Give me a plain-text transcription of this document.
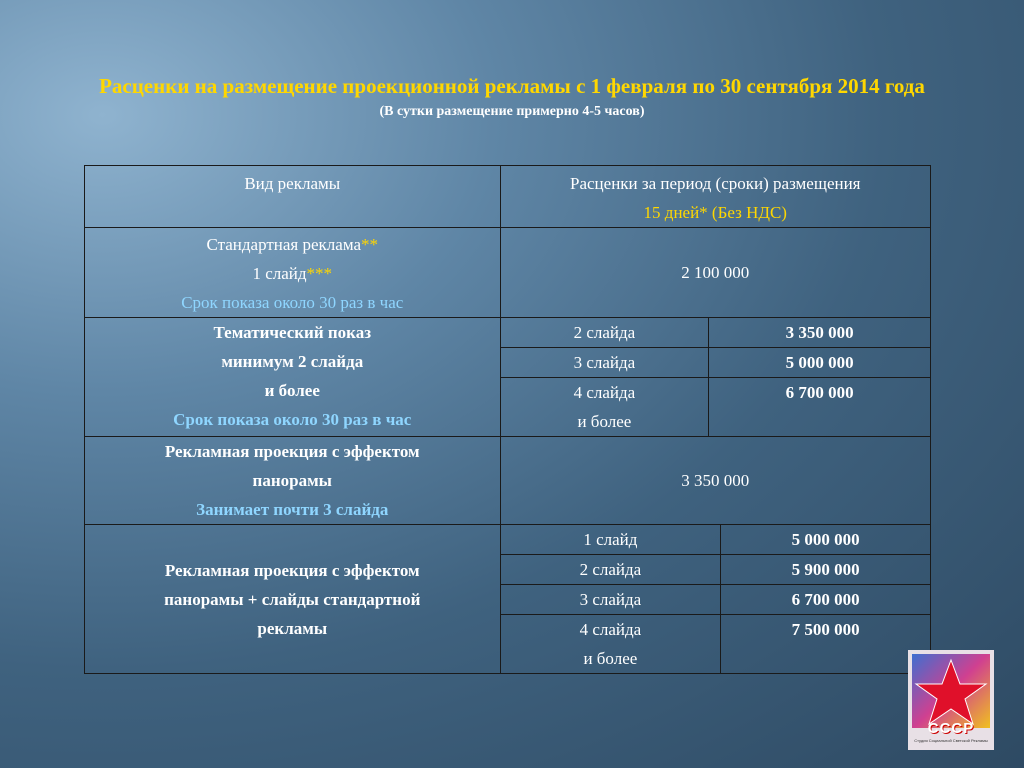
Расценки на размещение проекционной рекламы с 1 февраля по 30 сентября 2014 года
(В сутки размещение примерно 4-5 часов)
Вид рекламы	Расценки за период (сроки) размещения
15 дней* (Без НДС)		

Стандартная реклама**
1 слайд***
Срок показа около 30 раз в час	2 100 000		

Тематический показ
минимум 2 слайда
и более
Срок показа около 30 раз в час	2 слайда	3 350 000	
	3 слайда	5 000 000	

	4 слайда
и более	6 700 000	

Рекламная проекция с эффектом
панорамы
Занимает почти 3 слайда	3 350 000		

Рекламная проекция с эффектом
панорамы + слайды стандартной
рекламы	1 слайд		5 000 000
	2 слайда		5 900 000
	3 слайда		6 700 000

	4 слайда
и более		7 500 000
СССР
Студия Социальной Светской Рекламы
